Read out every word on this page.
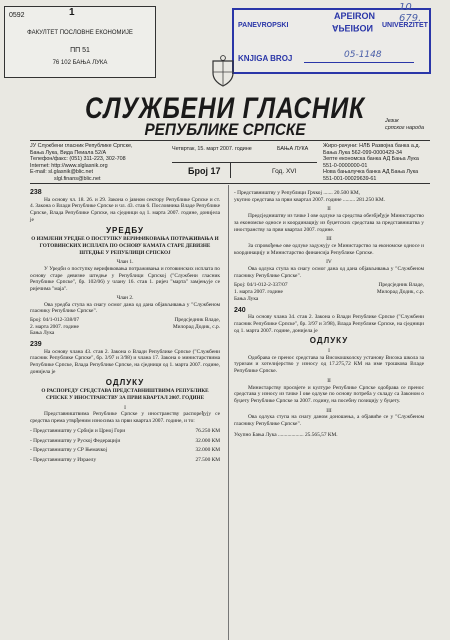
0592	1
ФАКУЛТЕТ ПОСЛОВНЕ ЕКОНОМИЈЕ
ПП 51
76 102 БАЊА ЛУКА
APEIRON
PANEVROPSKI	APEIRON UNIVERZITET
KNJIGA BROJ
10 679.
05-1148
СЛУЖБЕНИ ГЛАСНИК
РЕПУБЛИКЕ СРПСКЕ	Језик
српског народа
ЈУ Службени гласник Републике Српске,
Бања Лука, Вида Пеиала 52/А
Телефон/факс: (051) 311-223, 302-708
Internet: http://www.slglasnik.org
E-mail: sl.glasnik@blic.net
slgl.finans@blic.net
Четвртак, 15. март 2007. године	БАЊА ЛУКА
Број 17	Год. XVI
Жиро-рачуни: НЛБ Развојна банка а.д.
Бања Лука 562-099-0000429-34
Зепте економска банка АД Бања Лука
551-0-0000000-01
Нова бањалучка банка АД Бања Лука
551-001-00029639-61
238
На основу чл. 18. 26. и 29. Закона о јавном сектору Републике Српске и ст. 4. Закона о Влади Републике Српске и чл. 43. став 6. Пословника Владе Републике Српске, Влада Републике Српске, на сједници од 1. марта 2007. године, донијела је
УРЕДБУ
О ИЗМЈЕНИ УРЕДБЕ О ПОСТУПКУ ВЕРИФИКОВАЊА ПОТРАЖИВАЊА И ГОТОВИНСКИХ ИСПЛАТА ПО ОСНОВУ КАМАТА СТАРЕ ДЕВИЗНЕ ШТЕДЊЕ У РЕПУБЛИЦИ СРПСКОЈ
Члан 1.
У Уредби о поступку верификовања потраживања и готовинских исплата по основу старе девизне штедње у Републици Српској ("Службени гласник Републике Српске", бр. 102/06) у члану 16. став 1. ријеч "марта" замјењује се ријечима "маја".
Члан 2.
Ова уредба ступа на снагу осмог дана од дана објављивања у "Службеном гласнику Републике Српске".
Број: 04/1-012-338/07
2. марта 2007. године
Бања Лука
Предсједник Владе,
Милорад Додик, с.р.
239
На основу члана 43. став 2. Закона о Влади Републике Српске ("Службени гласник Републике Српске", бр. 3/97 и 3/98) и члана 17. Закона о министарствима Републике Српске, Влада Републике Српске, на сједници од 1. марта 2007. године, донијела је
ОДЛУКУ
О РАСПОРЕДУ СРЕДСТАВА ПРЕДСТАВНИШТВИМА РЕПУБЛИКЕ СРПСКЕ У ИНОСТРАНСТВУ ЗА ПРВИ КВАРТАЛ 2007. ГОДИНЕ
I
Представништвима Републике Српске у иностранству распоређују се средства према утврђеним износима за први квартал 2007. године, и то:
- Представништву у Србији и Црној Гори	76.250 КМ
- Представништву у Руској Федерацији	32.000 КМ
- Представништву у СР Њемачкој	32.000 КМ
- Представништву у Израелу	27.500 КМ
- Представништву у Републици Грчкој ....... 20.500 КМ,
укупно средстава за први квартал 2007. године ......... 281.250 КМ.
II
Предсједништву из тачке I ове одлуке за средства обезбјеђује Министарство за економске односе и координацију из буџетских средстава за представништва у иностранству за први квартал 2007. године.
III
За спровођење ове одлуке задужују се Министарство за економске односе и координацију и Министарство финансија Републике Српске.
IV
Ова одлука ступа на снагу осмог дана од дана објављивања у "Службеном гласнику Републике Српске".
Број: 04/1-012-2-337/07
1. марта 2007. године
Бања Лука
Предсједник Владе,
Милорад Додик, с.р.
240
На основу члана 34. став 2. Закона о Влади Републике Српске ("Службени гласник Републике Српске", бр. 3/97 и 3/98), Влада Републике Српске, на сједници од 1. марта 2007. године, донијела је
ОДЛУКУ
I
Одобрава се пренос средстава за Високошколску установу Висока школа за туризам и хотелијерство у износу од 17.275,72 КМ на име трошкова Владе Републике Српске.
II
Министарству просвјете и културе Републике Српске одобрава се пренос средстава у износу из тачке I ове одлуке по основу потреба у складу са Законом о буџету Републике Српске за 2007. годину, на посебну позицију у буџету.
III
Ова одлука ступа на снагу даном доношења, а објавиће се у "Службеном гласнику Републике Српске".
Укупно Бања Лука ................... 25.565,57 КМ.
